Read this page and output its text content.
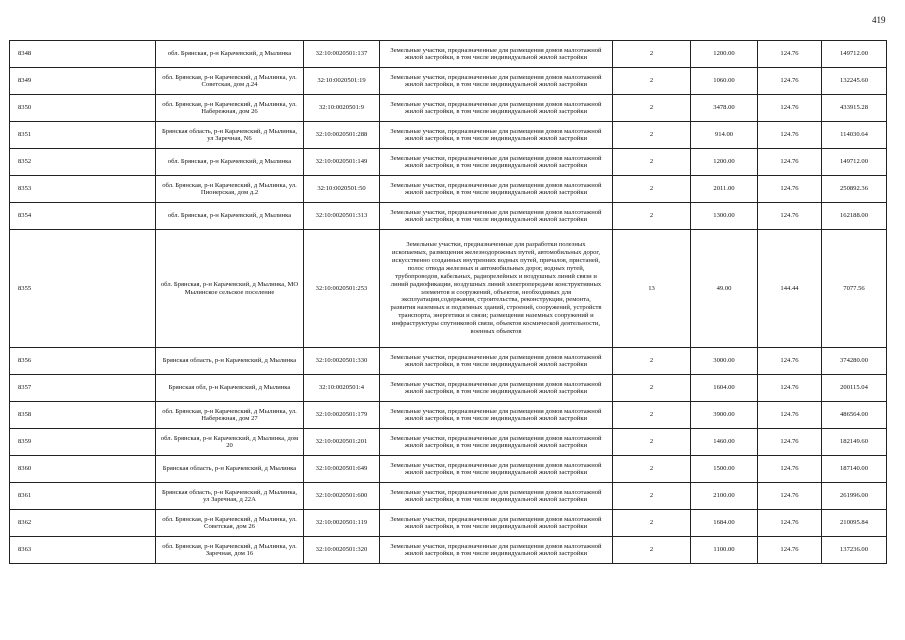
419
8348	обл. Брянская, р-н Карачевский, д Мылинка	32:10:0020501:137	Земельные участки, предназначенные для размещения домов малоэтажной жилой застройки, в том числе индивидуальной жилой застройки	2	1200.00	124.76	149712.00
8349	обл. Брянская, р-н Карачевский, д Мылинка, ул. Советская, дом д.24	32:10:0020501:19	Земельные участки, предназначенные для размещения домов малоэтажной жилой застройки, в том числе индивидуальной жилой застройки	2	1060.00	124.76	132245.60
8350	обл. Брянская, р-н Карачевский, д Мылинка, ул. Набережная, дом 26	32:10:0020501:9	Земельные участки, предназначенные для размещения домов малоэтажной жилой застройки, в том числе индивидуальной жилой застройки	2	3478.00	124.76	433915.28
8351	Брянская область, р-н Карачевский, д Мылинка, ул Заречная, N6	32:10:0020501:288	Земельные участки, предназначенные для размещения домов малоэтажной жилой застройки, в том числе индивидуальной жилой застройки	2	914.00	124.76	114030.64
8352	обл. Брянская, р-н Карачевский, д Мылинка	32:10:0020501:149	Земельные участки, предназначенные для размещения домов малоэтажной жилой застройки, в том числе индивидуальной жилой застройки	2	1200.00	124.76	149712.00
8353	обл. Брянская, р-н Карачевский, д Мылинка, ул. Пионерская, дом д.2	32:10:0020501:50	Земельные участки, предназначенные для размещения домов малоэтажной жилой застройки, в том числе индивидуальной жилой застройки	2	2011.00	124.76	250892.36
8354	обл. Брянская, р-н Карачевский, д Мылинка	32:10:0020501:313	Земельные участки, предназначенные для размещения домов малоэтажной жилой застройки, в том числе индивидуальной жилой застройки	2	1300.00	124.76	162188.00
8355	обл. Брянская, р-н Карачевский, д Мылинка, МО Мылинское сельское поселение	32:10:0020501:253	Земельные участки, предназначенные для разработки полезных ископаемых, размещения железнодорожных путей, автомобильных дорог, искусственно созданных внутренних водных путей, причалов, пристаней, полос отвода железных и автомобильных дорог, водных путей, трубопроводов, кабельных, радиорелейных и воздушных линий связи и линий радиофикации, воздушных линий электропередачи конструктивных элементов и сооружений, объектов, необходимых для эксплуатации,содержания, строительства, реконструкции, ремонта, развития наземных и подземных зданий, строений, сооружений, устройств транспорта, энергетики и связи; размещения наземных сооружений и инфраструктуры спутниковой связи, объектов космической деятельности, военных объектов	13	49.00	144.44	7077.56
8356	Брянская область, р-н Карачевский, д Мылинка	32:10:0020501:330	Земельные участки, предназначенные для размещения домов малоэтажной жилой застройки, в том числе индивидуальной жилой застройки	2	3000.00	124.76	374280.00
8357	Брянская обл, р-н Карачевский, д Мылинка	32:10:0020501:4	Земельные участки, предназначенные для размещения домов малоэтажной жилой застройки, в том числе индивидуальной жилой застройки	2	1604.00	124.76	200115.04
8358	обл. Брянская, р-н Карачевский, д Мылинка, ул. Набережная, дом 27	32:10:0020501:179	Земельные участки, предназначенные для размещения домов малоэтажной жилой застройки, в том числе индивидуальной жилой застройки	2	3900.00	124.76	486564.00
8359	обл. Брянская, р-н Карачевский, д Мылинка, дом 20	32:10:0020501:201	Земельные участки, предназначенные для размещения домов малоэтажной жилой застройки, в том числе индивидуальной жилой застройки	2	1460.00	124.76	182149.60
8360	Брянская область, р-н Карачевский, д Мылинка	32:10:0020501:649	Земельные участки, предназначенные для размещения домов малоэтажной жилой застройки, в том числе индивидуальной жилой застройки	2	1500.00	124.76	187140.00
8361	Брянская область, р-н Карачевский, д Мылинка, ул Заречная, д 22А	32:10:0020501:600	Земельные участки, предназначенные для размещения домов малоэтажной жилой застройки, в том числе индивидуальной жилой застройки	2	2100.00	124.76	261996.00
8362	обл. Брянская, р-н Карачевский, д Мылинка, ул. Советская, дом 26	32:10:0020501:119	Земельные участки, предназначенные для размещения домов малоэтажной жилой застройки, в том числе индивидуальной жилой застройки	2	1684.00	124.76	210095.84
8363	обл. Брянская, р-н Карачевский, д Мылинка, ул. Заречная, дом 16	32:10:0020501:320	Земельные участки, предназначенные для размещения домов малоэтажной жилой застройки, в том числе индивидуальной жилой застройки	2	1100.00	124.76	137236.00
